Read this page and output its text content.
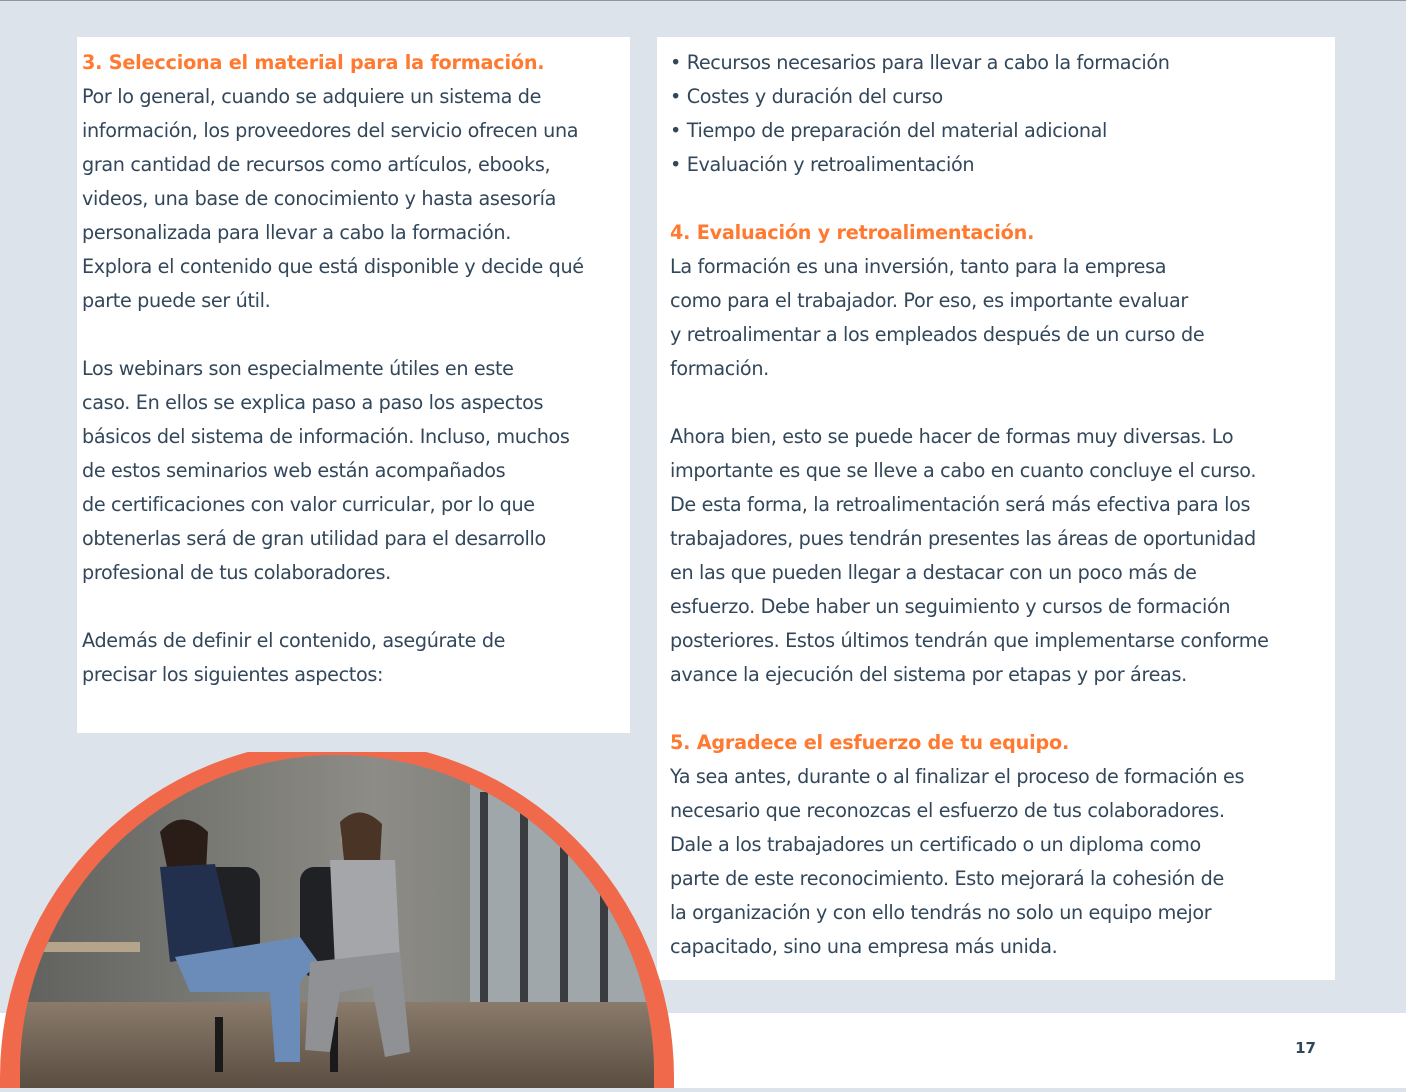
3. Selecciona el material para la formación.

Por lo general, cuando se adquiere un sistema de
información, los proveedores del servicio ofrecen una
gran cantidad de recursos como artículos, ebooks,
videos, una base de conocimiento y hasta asesoría
personalizada para llevar a cabo la formación.
Explora el contenido que está disponible y decide qué
parte puede ser útil.

Los webinars son especialmente útiles en este
caso. En ellos se explica paso a paso los aspectos
básicos del sistema de información. Incluso, muchos
de estos seminarios web están acompañados
de certificaciones con valor curricular, por lo que
obtenerlas será de gran utilidad para el desarrollo
profesional de tus colaboradores.

Además de definir el contenido, asegúrate de
precisar los siguientes aspectos:

• Recursos necesarios para llevar a cabo la formación
• Costes y duración del curso
• Tiempo de preparación del material adicional
• Evaluación y retroalimentación
4. Evaluación y retroalimentación.

La formación es una inversión, tanto para la empresa
como para el trabajador. Por eso, es importante evaluar
y retroalimentar a los empleados después de un curso de
formación.

Ahora bien, esto se puede hacer de formas muy diversas. Lo
importante es que se lleve a cabo en cuanto concluye el curso.
De esta forma, la retroalimentación será más efectiva para los
trabajadores, pues tendrán presentes las áreas de oportunidad
en las que pueden llegar a destacar con un poco más de
esfuerzo. Debe haber un seguimiento y cursos de formación
posteriores. Estos últimos tendrán que implementarse conforme
avance la ejecución del sistema por etapas y por áreas.

5. Agradece el esfuerzo de tu equipo.

Ya sea antes, durante o al finalizar el proceso de formación es
necesario que reconozcas el esfuerzo de tus colaboradores.
Dale a los trabajadores un certificado o un diploma como
parte de este reconocimiento. Esto mejorará la cohesión de
la organización y con ello tendrás no solo un equipo mejor
capacitado, sino una empresa más unida.

17
